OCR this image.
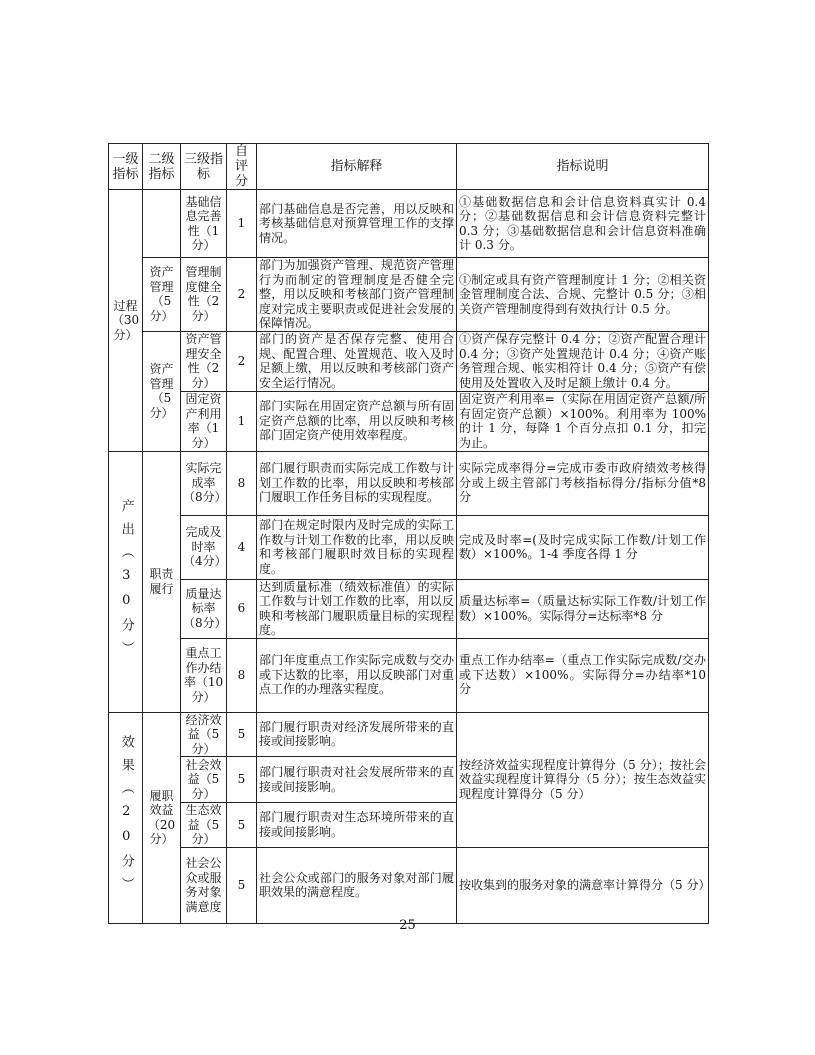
一级指标	二级指标	三级指标	自评分	指标解释	指标说明
过程（30分）		基础信息完善性（1分）	1	部门基础信息是否完善，用以反映和考核基础信息对预算管理工作的支撑情况。	①基础数据信息和会计信息资料真实计 0.4 分；②基础数据信息和会计信息资料完整计 0.3 分；③基础数据信息和会计信息资料准确计 0.3 分。
	资产管理（5分）	管理制度健全性（2分）	2	部门为加强资产管理、规范资产管理行为而制定的管理制度是否健全完整，用以反映和考核部门资产管理制度对完成主要职责或促进社会发展的保障情况。	①制定或具有资产管理制度计 1 分；②相关资金管理制度合法、合规、完整计 0.5 分；③相关资产管理制度得到有效执行计 0.5 分。
	资产管理（5分）	资产管理安全性（2分）	2	部门的资产是否保存完整、使用合规、配置合理、处置规范、收入及时足额上缴，用以反映和考核部门资产安全运行情况。	①资产保存完整计 0.4 分；②资产配置合理计 0.4 分；③资产处置规范计 0.4 分；④资产账务管理合规、帐实相符计 0.4 分；⑤资产有偿使用及处置收入及时足额上缴计 0.4 分。
		固定资产利用率（1分）	1	部门实际在用固定资产总额与所有固定资产总额的比率，用以反映和考核部门固定资产使用效率程度。	固定资产利用率=（实际在用固定资产总额/所有固定资产总额）×100%。利用率为 100% 的计 1 分，每降 1 个百分点扣 0.1 分，扣完为止。

产出（30分）	职责履行	实际完成率（8分）	8	部门履行职责而实际完成工作数与计划工作数的比率，用以反映和考核部门履职工作任务目标的实现程度。	实际完成率得分=完成市委市政府绩效考核得分或上级主管部门考核指标得分/指标分值*8 分
		完成及时率（4分）	4	部门在规定时限内及时完成的实际工作数与计划工作数的比率，用以反映和考核部门履职时效目标的实现程度。	完成及时率=(及时完成实际工作数/计划工作数）×100%。1-4 季度各得 1 分
		质量达标率（8分）	6	达到质量标准（绩效标准值）的实际工作数与计划工作数的比率，用以反映和考核部门履职质量目标的实现程度。	质量达标率=（质量达标实际工作数/计划工作数）×100%。实际得分=达标率*8 分
		重点工作办结率（10分）	8	部门年度重点工作实际完成数与交办或下达数的比率，用以反映部门对重点工作的办理落实程度。	重点工作办结率=（重点工作实际完成数/交办或下达数）×100%。实际得分=办结率*10 分

效果（20分）	履职效益（20分）	经济效益（5分）	5	部门履行职责对经济发展所带来的直接或间接影响。	按经济效益实现程度计算得分（5 分）；按社会效益实现程度计算得分（5 分）；按生态效益实现程度计算得分（5 分）
		社会效益（5分）	5	部门履行职责对社会发展所带来的直接或间接影响。	
		生态效益（5分）	5	部门履行职责对生态环境所带来的直接或间接影响。	
		社会公众或服务对象满意度	5	社会公众或部门的服务对象对部门履职效果的满意程度。	按收集到的服务对象的满意率计算得分（5 分）
25
